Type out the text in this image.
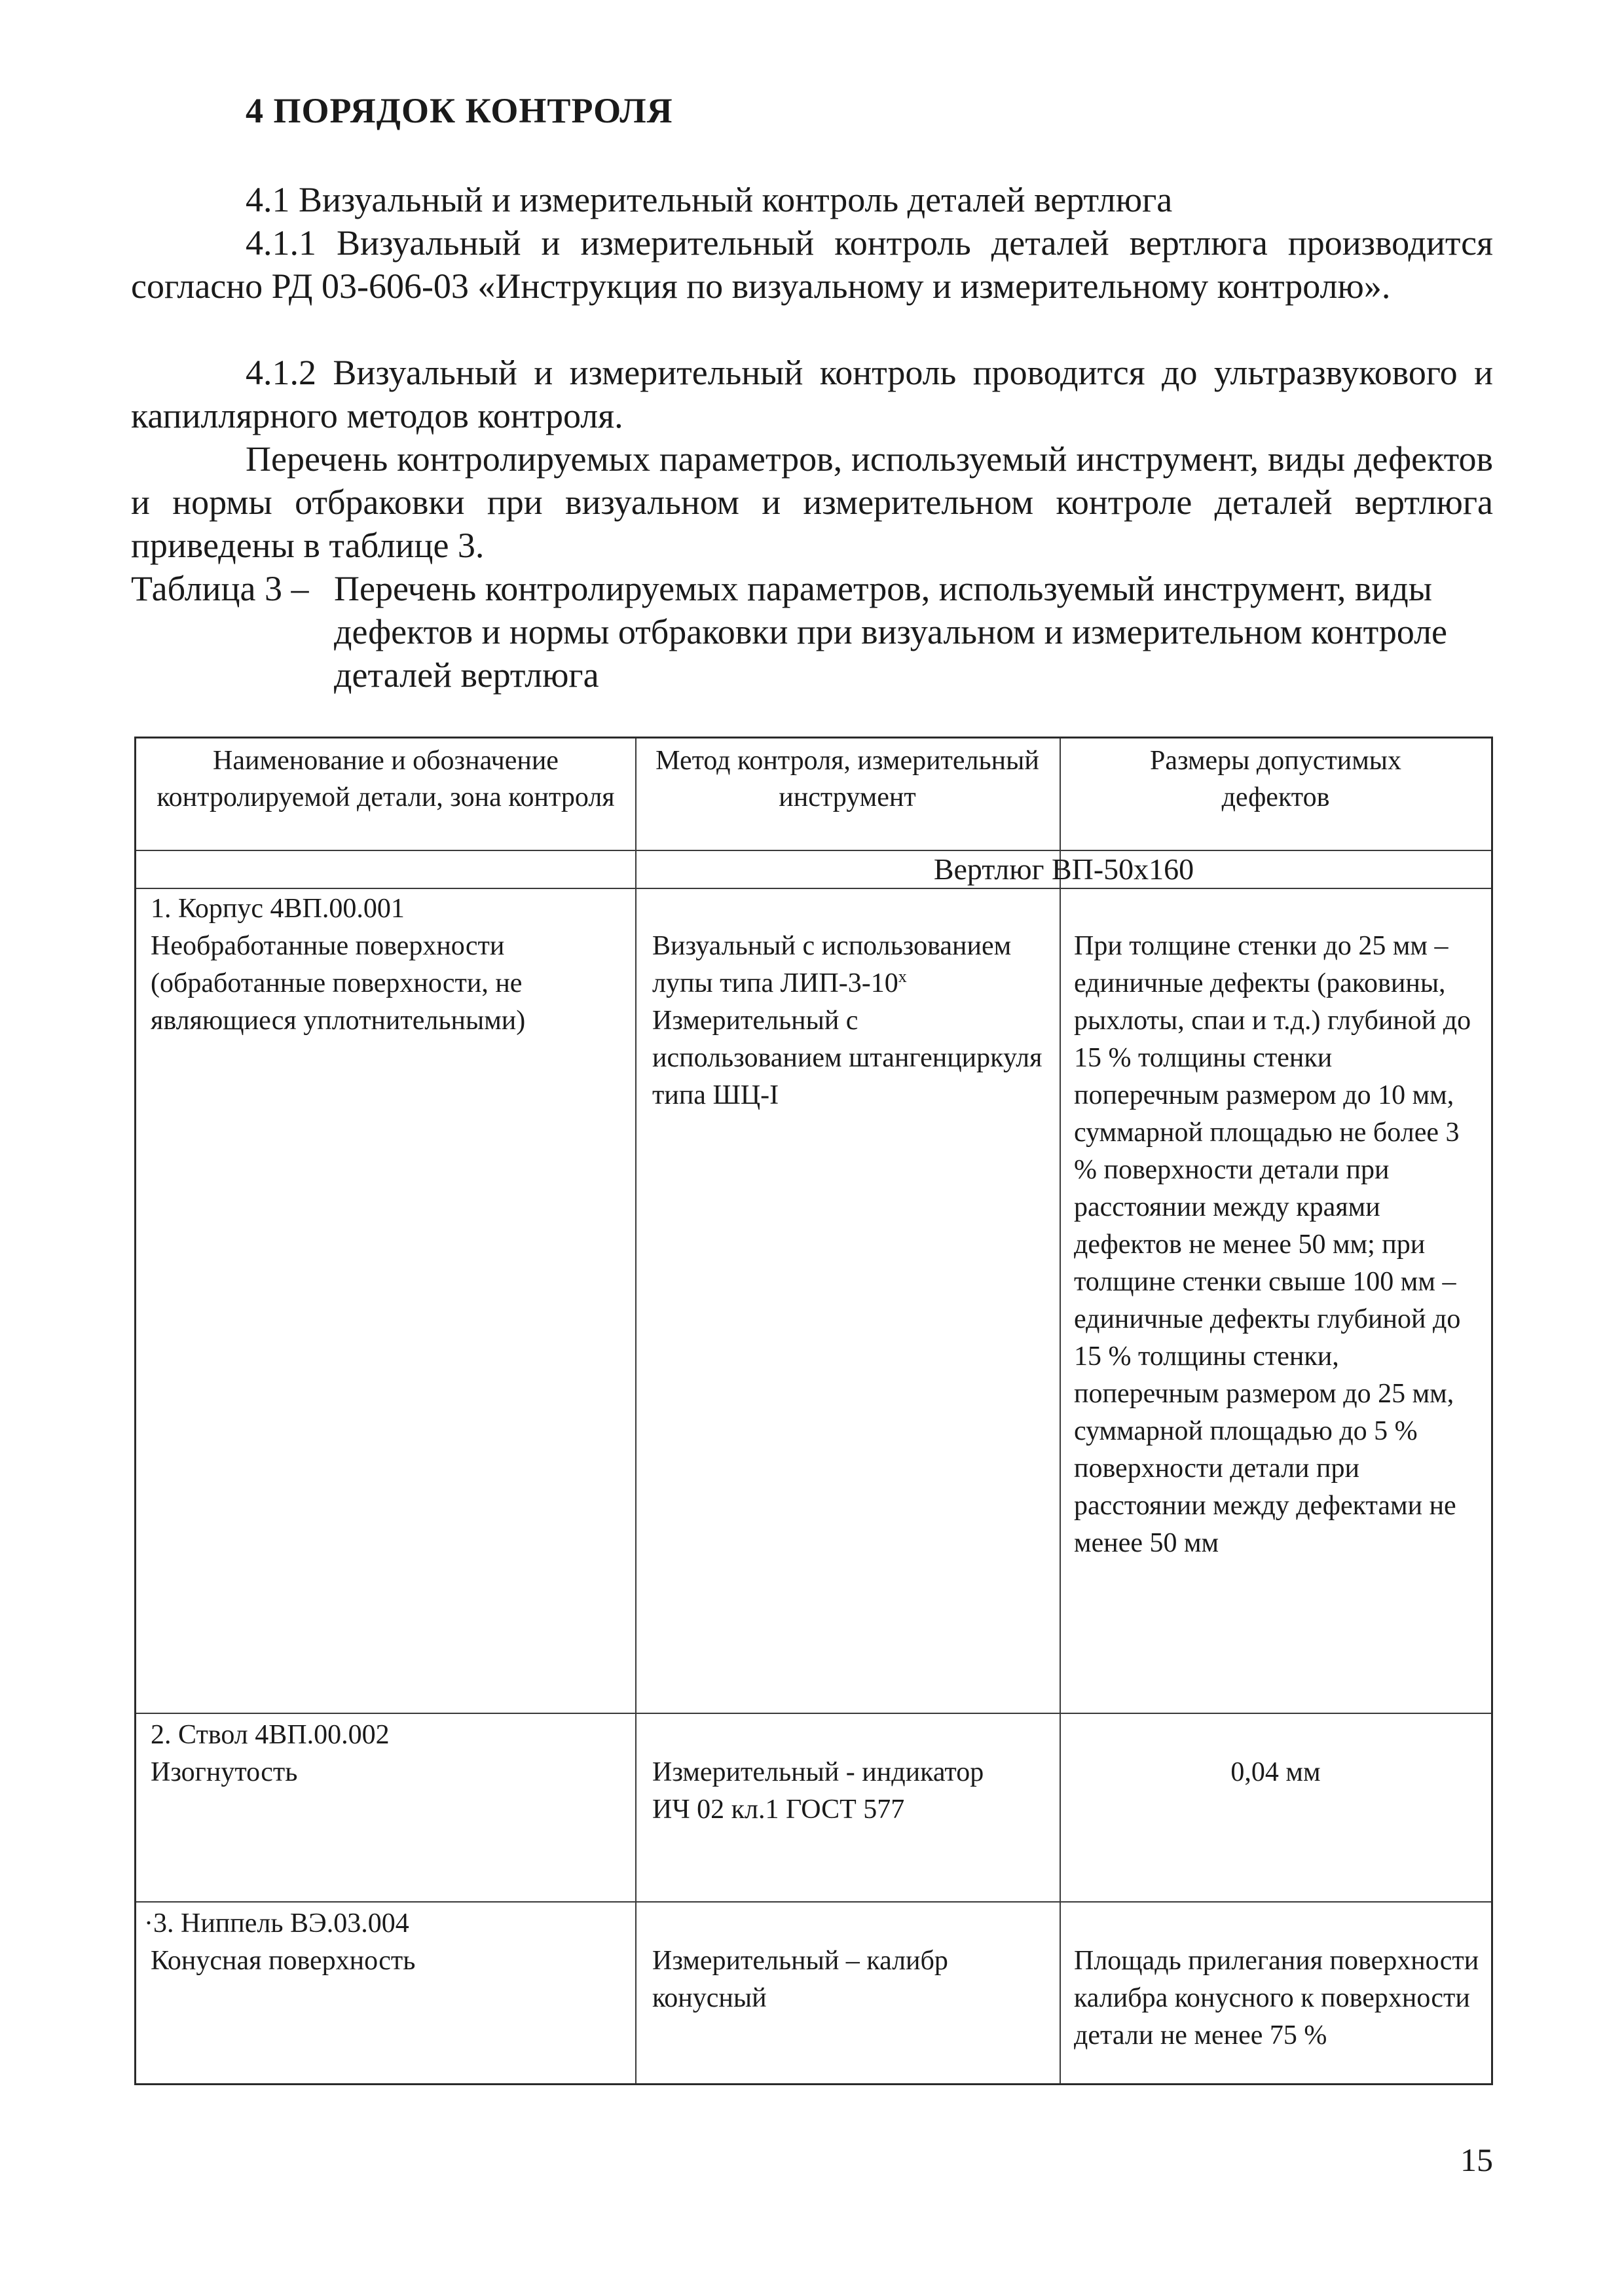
4 ПОРЯДОК КОНТРОЛЯ

4.1 Визуальный и измерительный контроль деталей вертлюга

4.1.1 Визуальный и измерительный контроль деталей вертлюга производится согласно РД 03-606-03 «Инструкция по визуальному и измерительному контролю».

4.1.2 Визуальный и измерительный контроль проводится до ультразвукового и капиллярного методов контроля.

Перечень контролируемых параметров, используемый инструмент, виды дефектов и нормы отбраковки при визуальном и измерительном контроле деталей вертлюга приведены в таблице 3.

Таблица 3 – Перечень контролируемых параметров, используемый инструмент, виды дефектов и нормы отбраковки при визуальном и измерительном контроле деталей вертлюга
Наименование и обозначение контролируемой детали, зона контроля
Метод контроля, измерительный инструмент
Размеры допустимых дефектов
Вертлюг ВП-50х160
1. Корпус 4ВП.00.001
Необработанные поверхности (обработанные поверхности, не являющиеся уплотнительными)
Визуальный с использованием лупы типа ЛИП-$3-10^х$
Измерительный с использованием штангенциркуля типа ШЦ-I
При толщине стенки до 25 мм – единичные дефекты (раковины, рыхлоты, спаи и т.д.) глубиной до 15 % толщины стенки поперечным размером до 10 мм, суммарной площадью не более 3 % поверхности детали при расстоянии между краями дефектов не менее 50 мм; при толщине стенки свыше 100 мм – единичные дефекты глубиной до 15 % толщины стенки, поперечным размером до 25 мм, суммарной площадью до 5 % поверхности детали при расстоянии между дефектами не менее 50 мм
2. Ствол 4ВП.00.002
Изогнутость	Измерительный - индикатор ИЧ 02 кл.1 ГОСТ 577
0,04 мм
·3. Ниппель ВЭ.03.004
Конусная поверхность	Измерительный – калибр конусный
Площадь прилегания поверхности калибра конусного к поверхности детали не менее 75 %

15
